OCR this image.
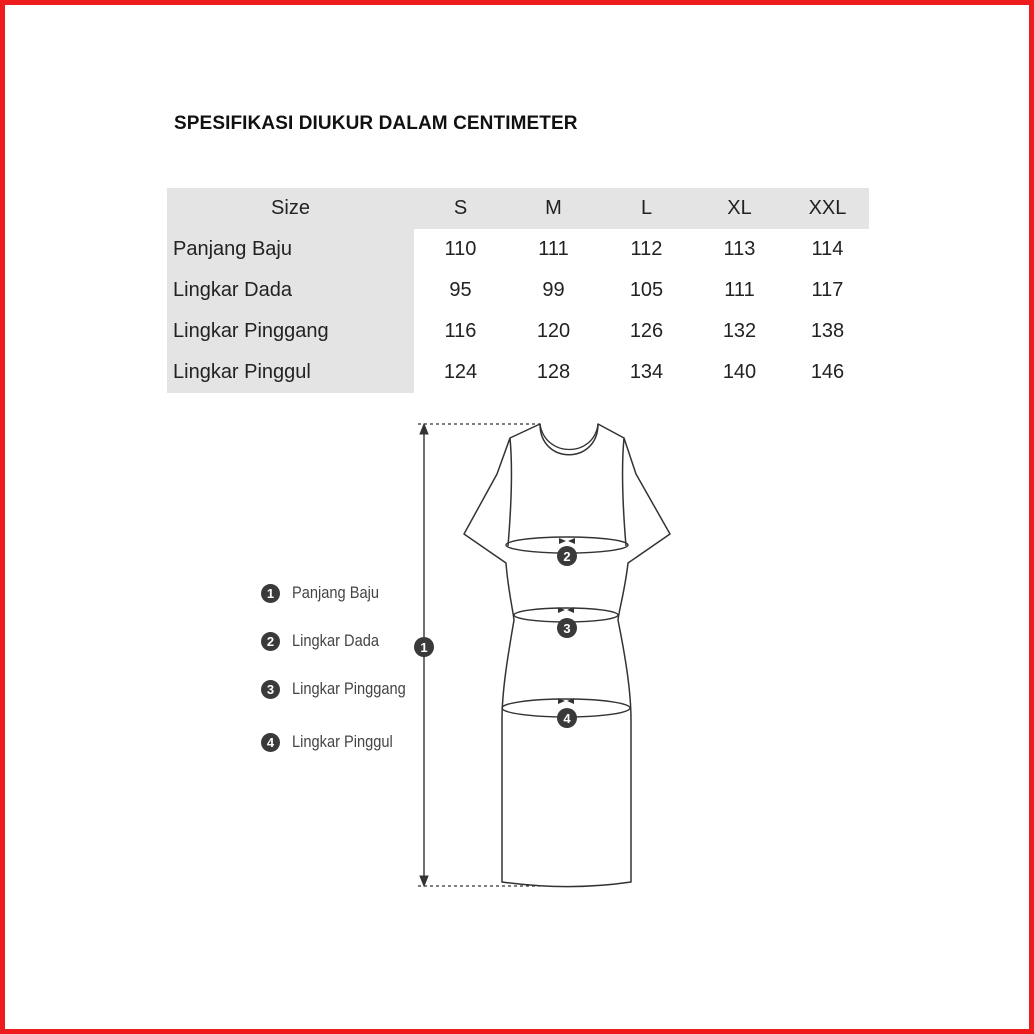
SPESIFIKASI DIUKUR DALAM CENTIMETER
Size	S	M	L	XL	XXL
Panjang Baju	110	111	112	113	114
Lingkar Dada	95	99	105	111	117
Lingkar Pinggang	116	120	126	132	138
Lingkar Pinggul	124	128	134	140	146
1
2
3
4
1	Panjang Baju
2	Lingkar Dada
3	Lingkar Pinggang
4	Lingkar Pinggul
